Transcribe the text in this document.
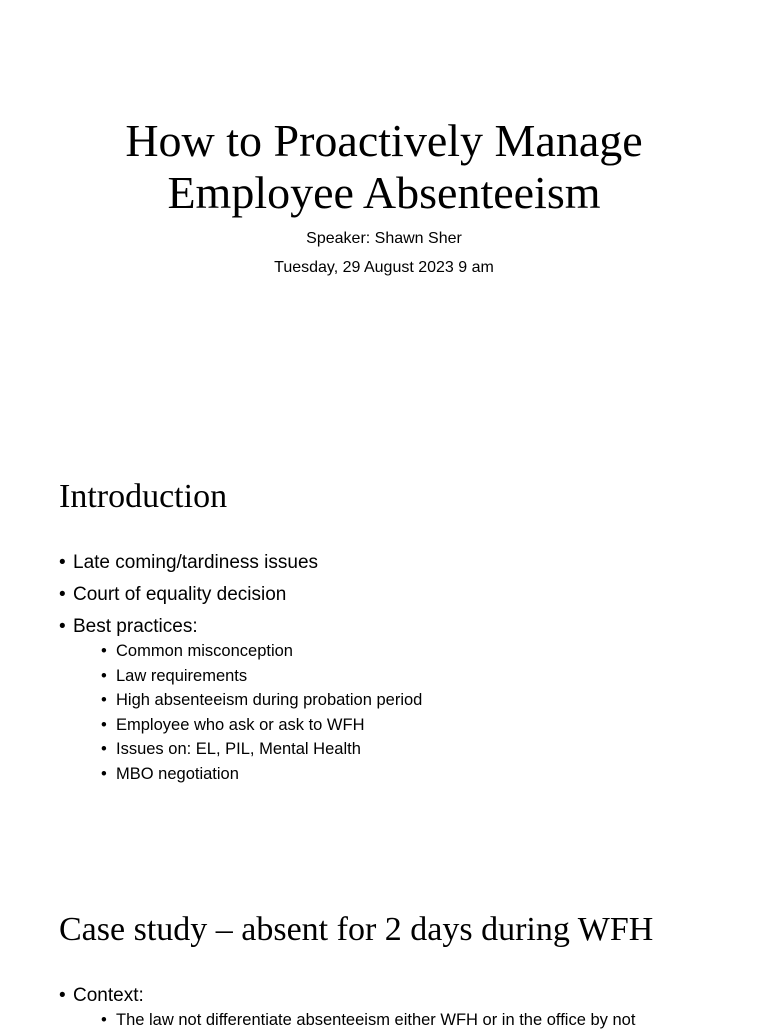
How to Proactively Manage
Employee Absenteeism

Speaker: Shawn Sher

Tuesday, 29 August 2023 9 am

Introduction
• Late coming/tardiness issues
• Court of equality decision
• Best practices:
• Common misconception
• Law requirements
• High absenteeism during probation period
• Employee who ask or ask to WFH
• Issues on: EL, PIL, Mental Health
• MBO negotiation
Case study – absent for 2 days during WFH
• Context:
• The law not differentiate absenteeism either WFH or in the office by not
